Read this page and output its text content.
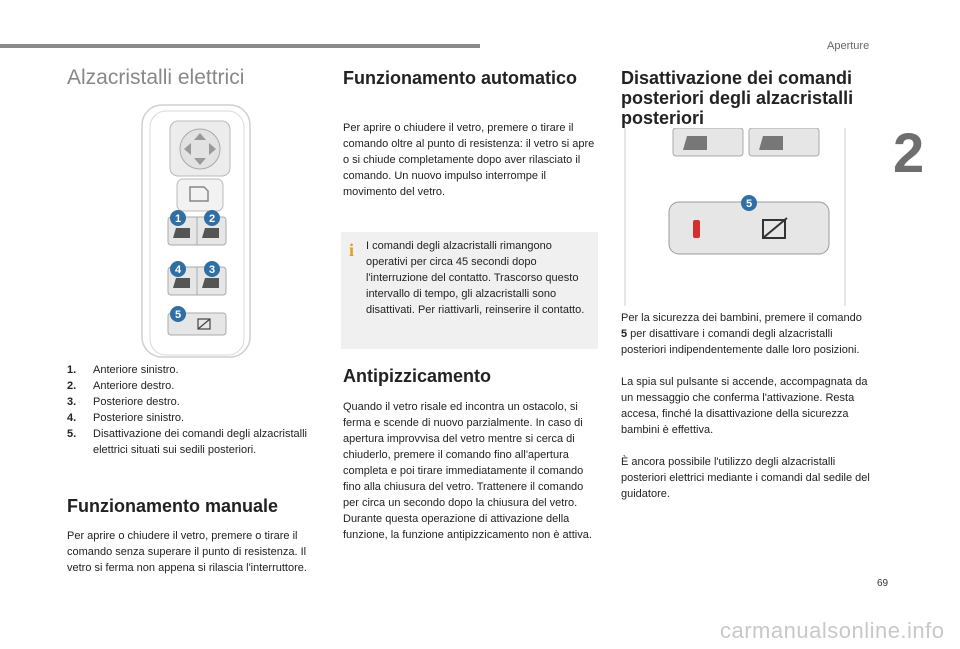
Aperture
2
Alzacristalli elettrici
1	2
4	3
5
1. Anteriore sinistro.
2. Anteriore destro.
3. Posteriore destro.
4. Posteriore sinistro.
5. Disattivazione dei comandi degli alzacristalli elettrici situati sui sedili posteriori.
Funzionamento manuale

Per aprire o chiudere il vetro, premere o tirare il comando senza superare il punto di resistenza. Il vetro si ferma non appena si rilascia l'interruttore.

Funzionamento automatico

Per aprire o chiudere il vetro, premere o tirare il comando oltre al punto di resistenza: il vetro si apre o si chiude completamente dopo aver rilasciato il comando. Un nuovo impulso interrompe il movimento del vetro.

i I comandi degli alzacristalli rimangono operativi per circa 45 secondi dopo l'interruzione del contatto. Trascorso questo intervallo di tempo, gli alzacristalli sono disattivati. Per riattivarli, reinserire il contatto.

Antipizzicamento

Quando il vetro risale ed incontra un ostacolo, si ferma e scende di nuovo parzialmente. In caso di apertura improvvisa del vetro mentre si cerca di chiuderlo, premere il comando fino all'apertura completa e poi tirare immediatamente il comando fino alla chiusura del vetro. Trattenere il comando per circa un secondo dopo la chiusura del vetro. Durante questa operazione di attivazione della funzione, la funzione antipizzicamento non è attiva.

Disattivazione dei comandi posteriori degli alzacristalli posteriori
5

Per la sicurezza dei bambini, premere il comando 5 per disattivare i comandi degli alzacristalli posteriori indipendentemente dalle loro posizioni.

La spia sul pulsante si accende, accompagnata da un messaggio che conferma l'attivazione. Resta accesa, finché la disattivazione della sicurezza bambini è effettiva.

È ancora possibile l'utilizzo degli alzacristalli posteriori elettrici mediante i comandi dal sedile del guidatore.

69
carmanualsonline.info
